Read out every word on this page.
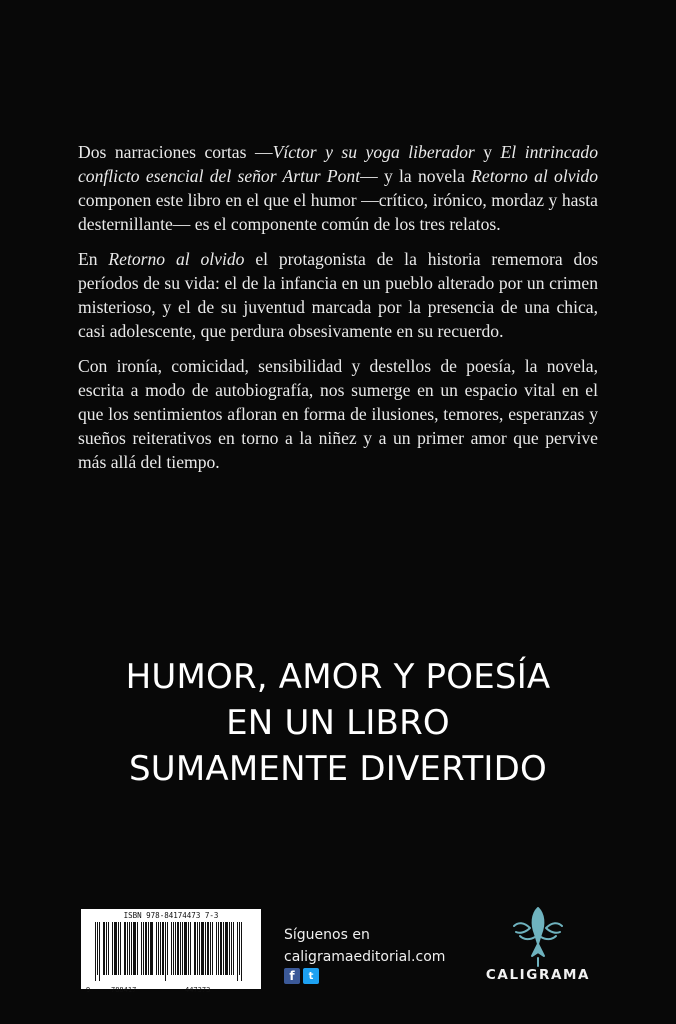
Dos narraciones cortas —Víctor y su yoga liberador y El intrincado conflicto esencial del señor Artur Pont— y la novela Retorno al olvido componen este libro en el que el humor —crítico, irónico, mordaz y hasta desternillante— es el componente común de los tres relatos.

En Retorno al olvido el protagonista de la historia rememora dos períodos de su vida: el de la infancia en un pueblo alterado por un crimen misterioso, y el de su juventud marcada por la presencia de una chica, casi adolescente, que perdura obsesivamente en su recuerdo.

Con ironía, comicidad, sensibilidad y destellos de poesía, la novela, escrita a modo de autobiografía, nos sumerge en un espacio vital en el que los sentimientos afloran en forma de ilusiones, temores, esperanzas y sueños reiterativos en torno a la niñez y a un primer amor que pervive más allá del tiempo.

HUMOR, AMOR Y POESÍA
EN UN LIBRO
SUMAMENTE DIVERTIDO
ISBN 978-84174473 7-3
9	788417	447373
Síguenos en
caligramaeditorial.com
f	t	CALIGRAMA
